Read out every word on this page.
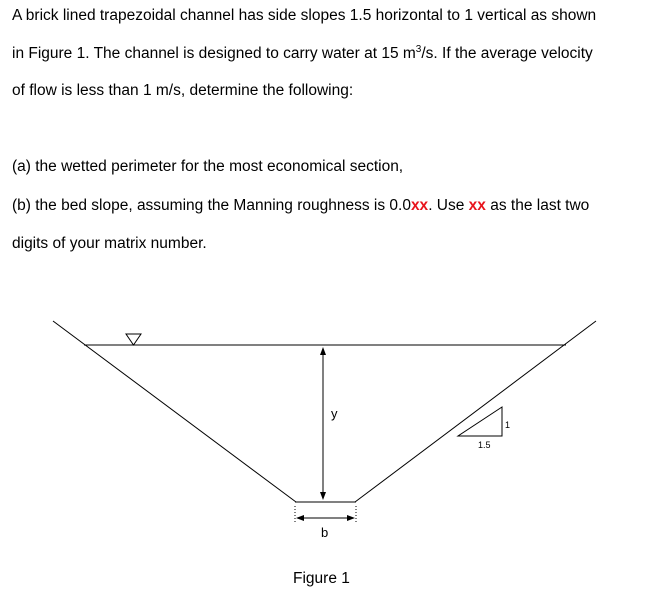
A brick lined trapezoidal channel has side slopes 1.5 horizontal to 1 vertical as shown
in Figure 1. The channel is designed to carry water at 15 $m^3/s$. If the average velocity
of flow is less than 1 m/s, determine the following:
(a) the wetted perimeter for the most economical section,
(b) the bed slope, assuming the Manning roughness is 0.0xx. Use xx as the last two
digits of your matrix number.
y
b
1
1.5
Figure 1
